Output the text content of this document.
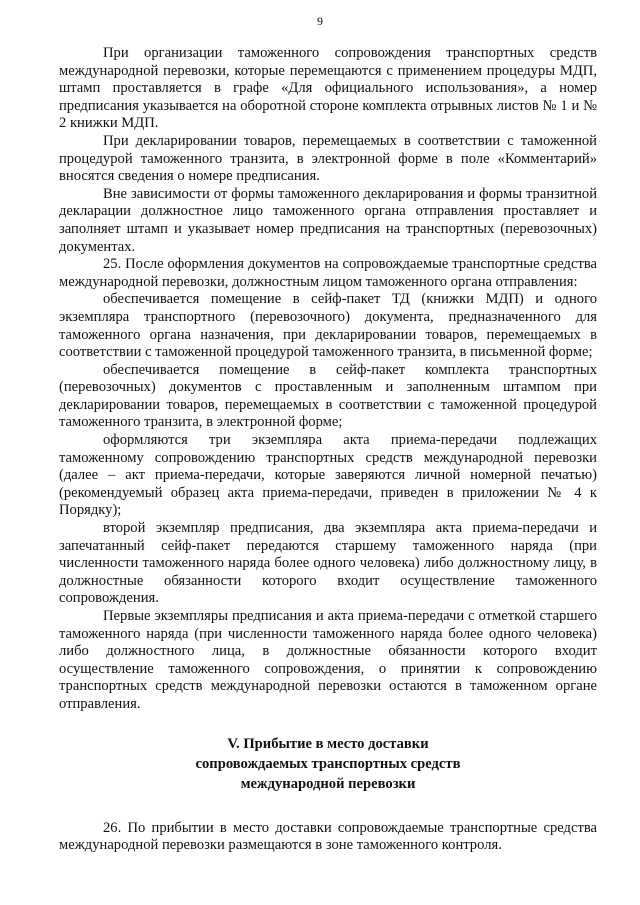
9

При организации таможенного сопровождения транспортных средств международной перевозки, которые перемещаются с применением процедуры МДП, штамп проставляется в графе «Для официального использования», а номер предписания указывается на оборотной стороне комплекта отрывных листов № 1 и № 2 книжки МДП.

При декларировании товаров, перемещаемых в соответствии с таможенной процедурой таможенного транзита, в электронной форме в поле «Комментарий» вносятся сведения о номере предписания.

Вне зависимости от формы таможенного декларирования и формы транзитной декларации должностное лицо таможенного органа отправления проставляет и заполняет штамп и указывает номер предписания на транспортных (перевозочных) документах.

25. После оформления документов на сопровождаемые транспортные средства международной перевозки, должностным лицом таможенного органа отправления:

обеспечивается помещение в сейф-пакет ТД (книжки МДП) и одного экземпляра транспортного (перевозочного) документа, предназначенного для таможенного органа назначения, при декларировании товаров, перемещаемых в соответствии с таможенной процедурой таможенного транзита, в письменной форме;

обеспечивается помещение в сейф-пакет комплекта транспортных (перевозочных) документов с проставленным и заполненным штампом при декларировании товаров, перемещаемых в соответствии с таможенной процедурой таможенного транзита, в электронной форме;

оформляются три экземпляра акта приема-передачи подлежащих таможенному сопровождению транспортных средств международной перевозки (далее – акт приема-передачи, которые заверяются личной номерной печатью) (рекомендуемый образец акта приема-передачи, приведен в приложении № 4 к Порядку);

второй экземпляр предписания, два экземпляра акта приема-передачи и запечатанный сейф-пакет передаются старшему таможенного наряда (при численности таможенного наряда более одного человека) либо должностному лицу, в должностные обязанности которого входит осуществление таможенного сопровождения.

Первые экземпляры предписания и акта приема-передачи с отметкой старшего таможенного наряда (при численности таможенного наряда более одного человека) либо должностного лица, в должностные обязанности которого входит осуществление таможенного сопровождения, о принятии к сопровождению транспортных средств международной перевозки остаются в таможенном органе отправления.

V. Прибытие в место доставки
сопровождаемых транспортных средств
международной перевозки

26. По прибытии в место доставки сопровождаемые транспортные средства международной перевозки размещаются в зоне таможенного контроля.
